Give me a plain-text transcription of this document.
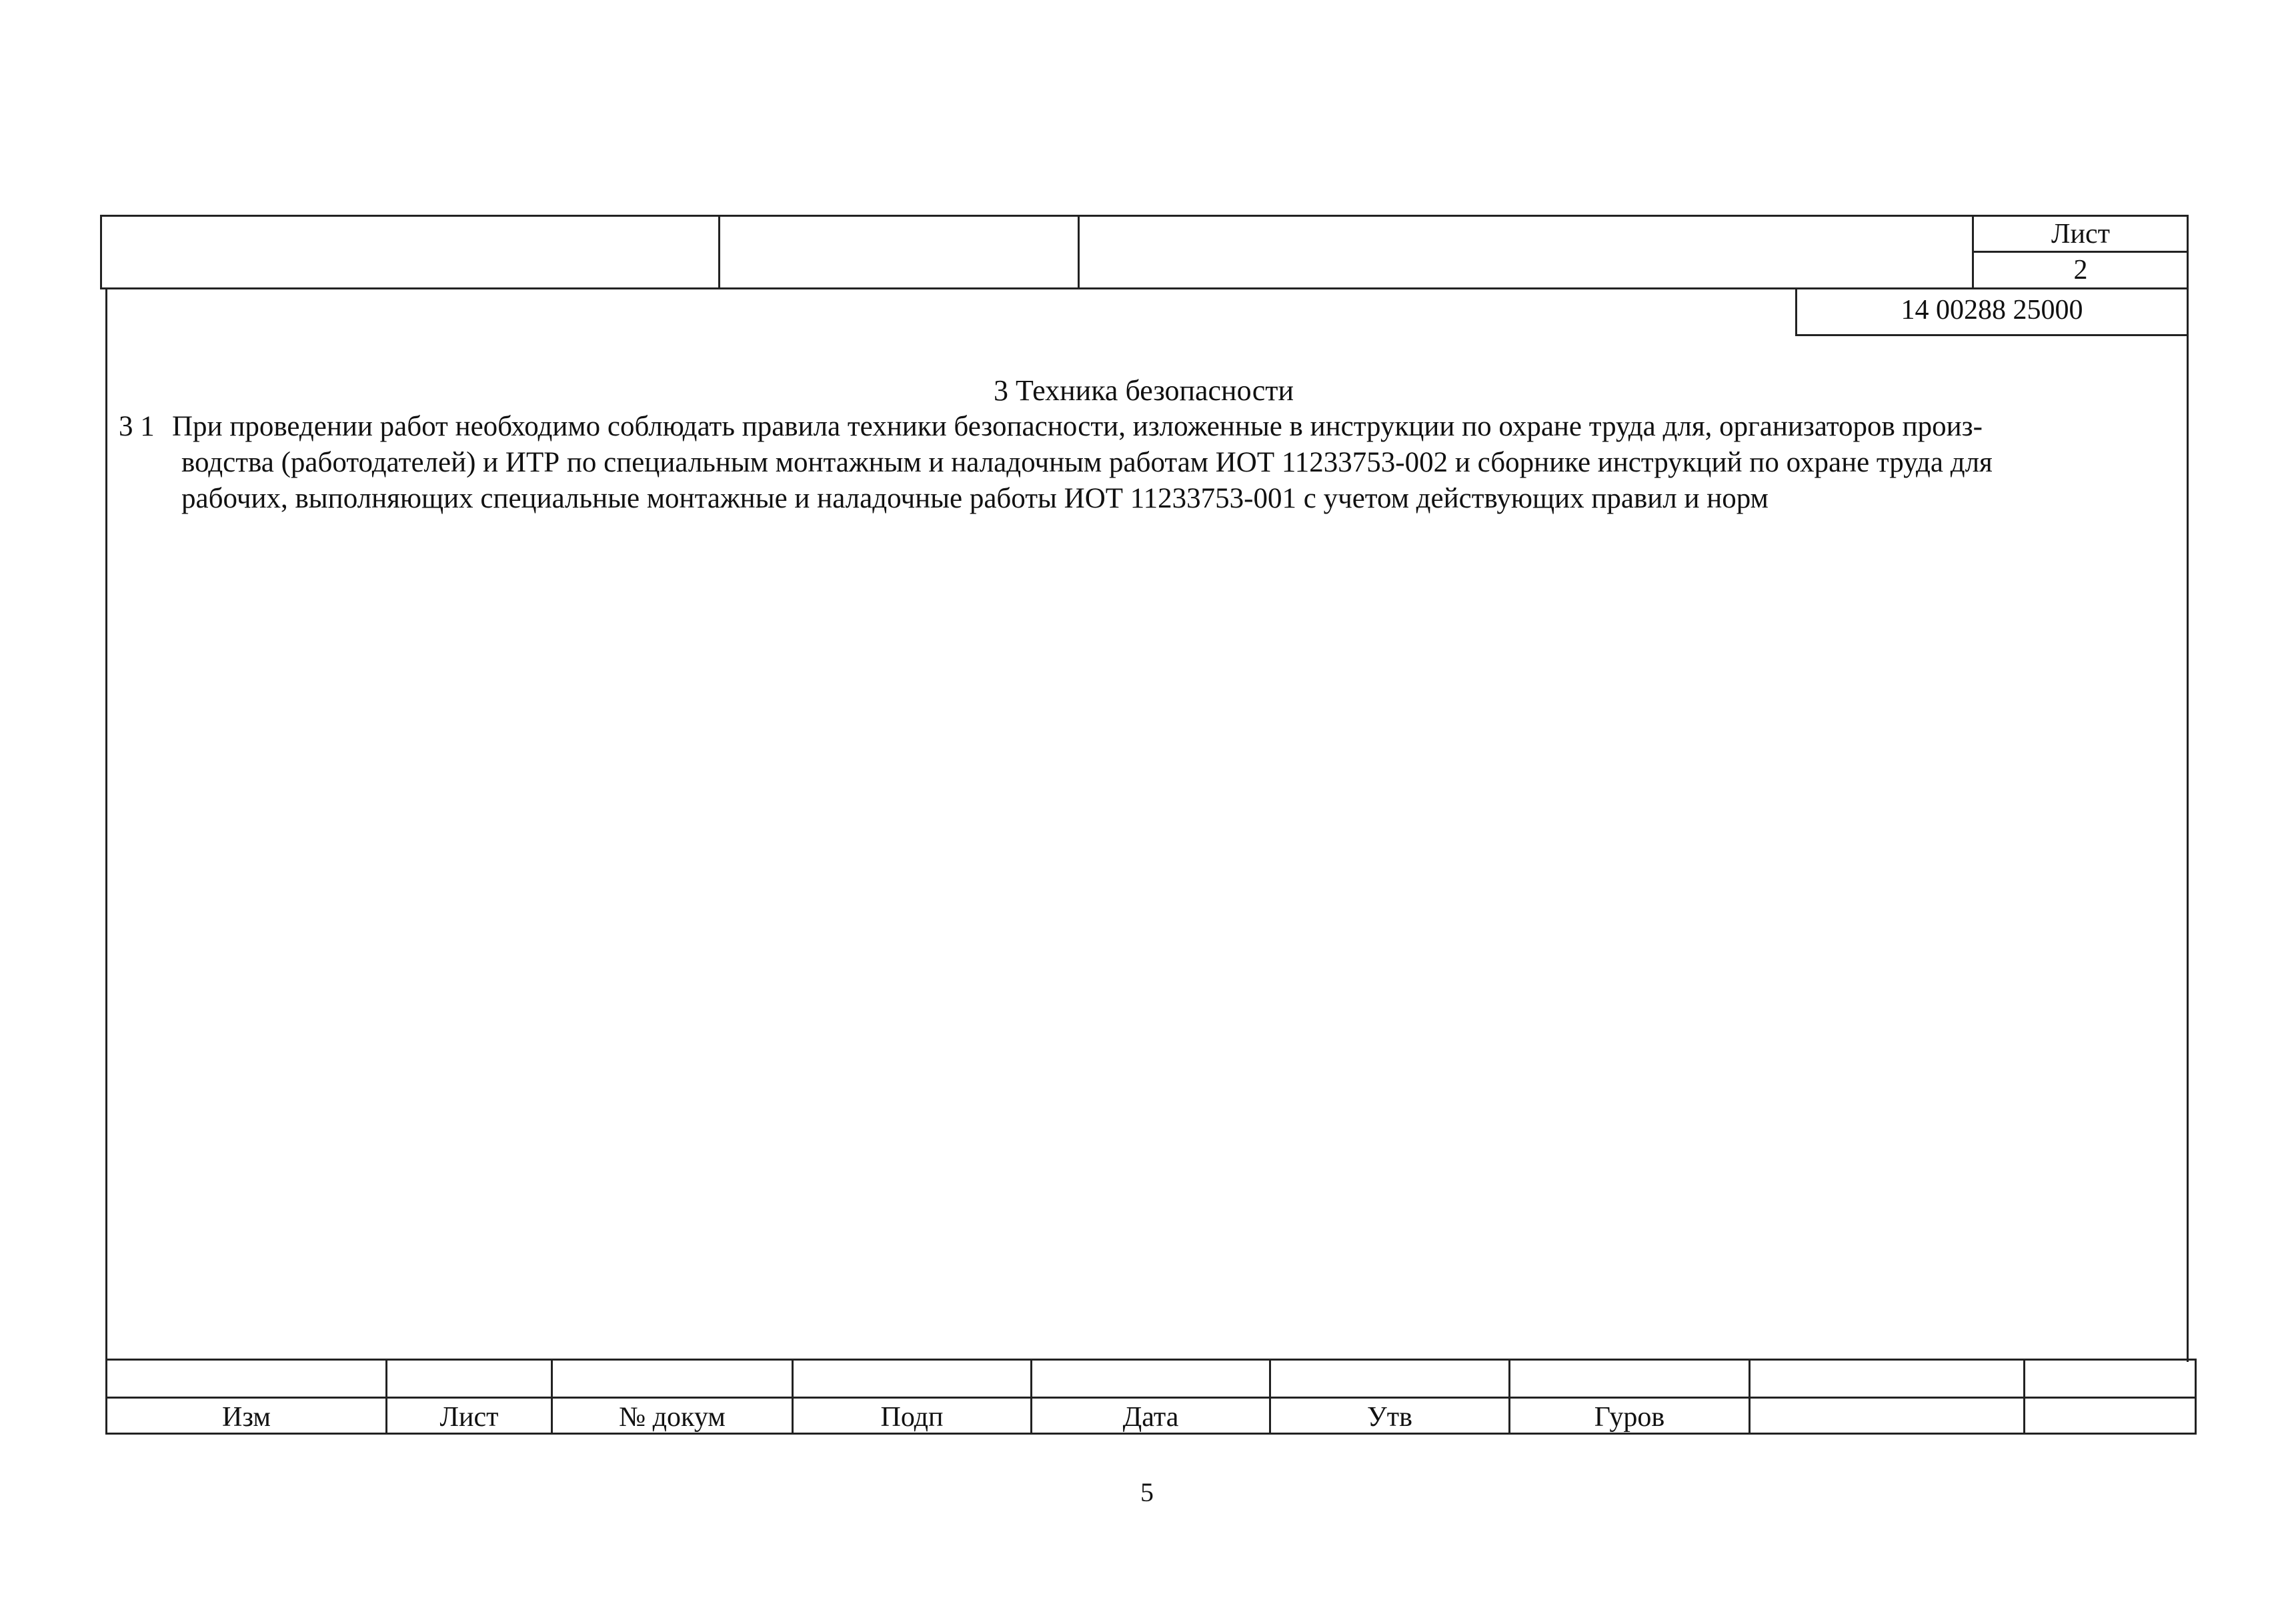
Лист
2
14 00288 25000
3 Техника безопасности
3 1 При проведении работ необходимо соблюдать правила техники безопасности, изложенные в инструкции по охране труда для, организаторов произ-
водства (работодателей) и ИТР по специальным монтажным и наладочным работам ИОТ 11233753-002 и сборнике инструкций по охране труда для
рабочих, выполняющих специальные монтажные и наладочные работы ИОТ 11233753-001 с учетом действующих правил и норм
Изм	Лист	№ докум	Подп	Дата	Утв	Гуров
5
